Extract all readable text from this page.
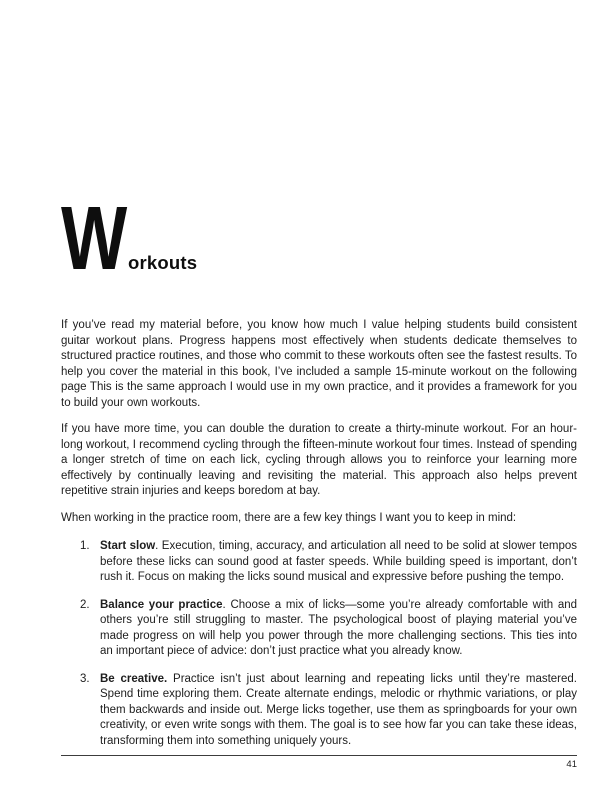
W orkouts

If you’ve read my material before, you know how much I value helping students build consistent guitar workout plans. Progress happens most effectively when students dedicate themselves to structured practice routines, and those who commit to these workouts often see the fastest results. To help you cover the material in this book, I’ve included a sample 15-minute workout on the following page This is the same approach I would use in my own practice, and it provides a framework for you to build your own workouts.

If you have more time, you can double the duration to create a thirty-minute workout. For an hour-long workout, I recommend cycling through the fifteen-minute workout four times. Instead of spending a longer stretch of time on each lick, cycling through allows you to reinforce your learning more effectively by continually leaving and revisiting the material. This approach also helps prevent repetitive strain injuries and keeps boredom at bay.

When working in the practice room, there are a few key things I want you to keep in mind:

1. Start slow. Execution, timing, accuracy, and articulation all need to be solid at slower tempos before these licks can sound good at faster speeds. While building speed is important, don’t rush it. Focus on making the licks sound musical and expressive before pushing the tempo.
2. Balance your practice. Choose a mix of licks—some you’re already comfortable with and others you’re still struggling to master. The psychological boost of playing material you’ve made progress on will help you power through the more challenging sections. This ties into an important piece of advice: don’t just practice what you already know.
3. Be creative. Practice isn’t just about learning and repeating licks until they’re mastered. Spend time exploring them. Create alternate endings, melodic or rhythmic variations, or play them backwards and inside out. Merge licks together, use them as springboards for your own creativity, or even write songs with them. The goal is to see how far you can take these ideas, transforming them into something uniquely yours.
41
